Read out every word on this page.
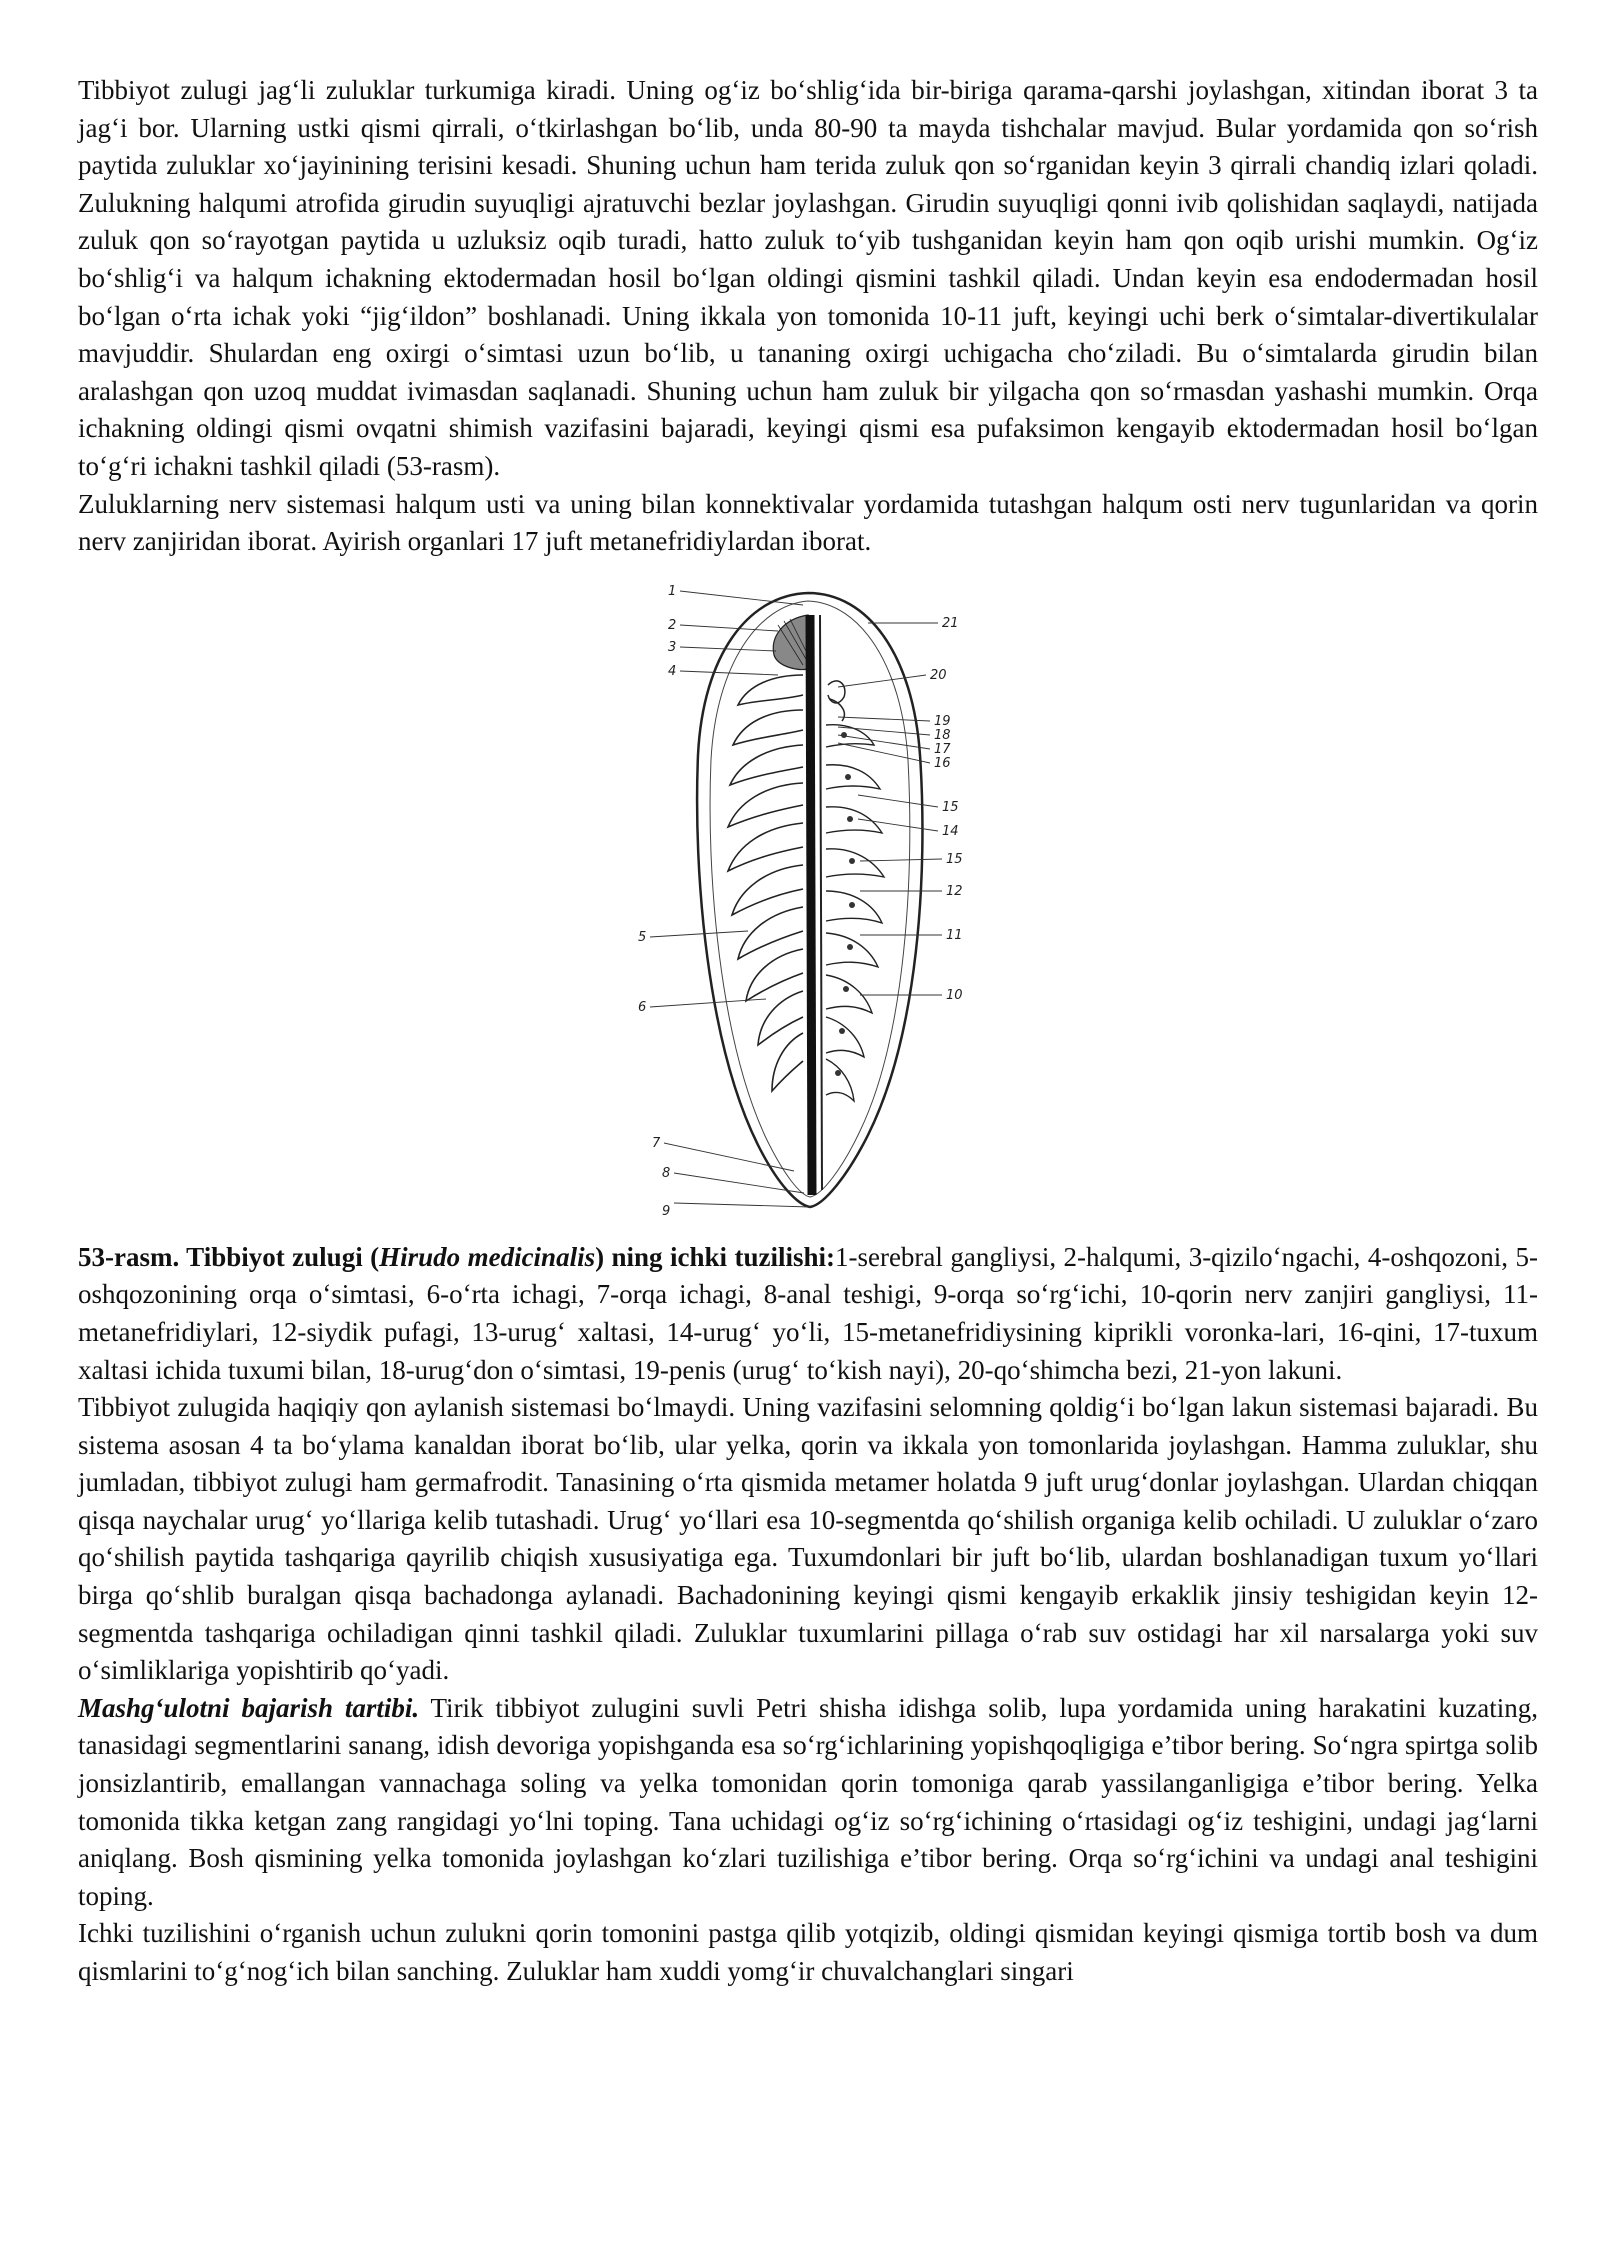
Tibbiyot zulugi jag‘li zuluklar turkumiga kiradi. Uning og‘iz bo‘shlig‘ida bir-biriga qarama-qarshi joylashgan, xitindan iborat 3 ta jag‘i bor. Ularning ustki qismi qirrali, o‘tkirlashgan bo‘lib, unda 80-90 ta mayda tishchalar mavjud. Bular yordamida qon so‘rish paytida zuluklar xo‘jayinining terisini kesadi. Shuning uchun ham terida zuluk qon so‘rganidan keyin 3 qirrali chandiq izlari qoladi. Zulukning halqumi atrofida girudin suyuqligi ajratuvchi bezlar joylashgan. Girudin suyuqligi qonni ivib qolishidan saqlaydi, natijada zuluk qon so‘rayotgan paytida u uzluksiz oqib turadi, hatto zuluk to‘yib tushganidan keyin ham qon oqib urishi mumkin. Og‘iz bo‘shlig‘i va halqum ichakning ektodermadan hosil bo‘lgan oldingi qismini tashkil qiladi. Undan keyin esa endodermadan hosil bo‘lgan o‘rta ichak yoki “jig‘ildon” boshlanadi. Uning ikkala yon tomonida 10-11 juft, keyingi uchi berk o‘simtalar-divertikulalar mavjuddir. Shulardan eng oxirgi o‘simtasi uzun bo‘lib, u tananing oxirgi uchigacha cho‘ziladi. Bu o‘simtalarda girudin bilan aralashgan qon uzoq muddat ivimasdan saqlanadi. Shuning uchun ham zuluk bir yilgacha qon so‘rmasdan yashashi mumkin. Orqa ichakning oldingi qismi ovqatni shimish vazifasini bajaradi, keyingi qismi esa pufaksimon kengayib ektodermadan hosil bo‘lgan to‘g‘ri ichakni tashkil qiladi (53-rasm).

Zuluklarning nerv sistemasi halqum usti va uning bilan konnektivalar yordamida tutashgan halqum osti nerv tugunlaridan va qorin nerv zanjiridan iborat. Ayirish organlari 17 juft metanefridiylardan iborat.

1
2
3
4
5
6
7
8
9
21
20
19
18
17
16
15
14
15
12
11
10

53-rasm. Tibbiyot zulugi (Hirudo medicinalis) ning ichki tuzilishi:1-serebral gangliysi, 2-halqumi, 3-qizilo‘ngachi, 4-oshqozoni, 5-oshqozonining orqa o‘simtasi, 6-o‘rta ichagi, 7-orqa ichagi, 8-anal teshigi, 9-orqa so‘rg‘ichi, 10-qorin nerv zanjiri gangliysi, 11-metanefridiylari, 12-siydik pufagi, 13-urug‘ xaltasi, 14-urug‘ yo‘li, 15-metanefridiysining kiprikli voronka-lari, 16-qini, 17-tuxum xaltasi ichida tuxumi bilan, 18-urug‘don o‘simtasi, 19-penis (urug‘ to‘kish nayi), 20-qo‘shimcha bezi, 21-yon lakuni.

Tibbiyot zulugida haqiqiy qon aylanish sistemasi bo‘lmaydi. Uning vazifasini selomning qoldig‘i bo‘lgan lakun sistemasi bajaradi. Bu sistema asosan 4 ta bo‘ylama kanaldan iborat bo‘lib, ular yelka, qorin va ikkala yon tomonlarida joylashgan. Hamma zuluklar, shu jumladan, tibbiyot zulugi ham germafrodit. Tanasining o‘rta qismida metamer holatda 9 juft urug‘donlar joylashgan. Ulardan chiqqan qisqa naychalar urug‘ yo‘llariga kelib tutashadi. Urug‘ yo‘llari esa 10-segmentda qo‘shilish organiga kelib ochiladi. U zuluklar o‘zaro qo‘shilish paytida tashqariga qayrilib chiqish xususiyatiga ega. Tuxumdonlari bir juft bo‘lib, ulardan boshlanadigan tuxum yo‘llari birga qo‘shlib buralgan qisqa bachadonga aylanadi. Bachadonining keyingi qismi kengayib erkaklik jinsiy teshigidan keyin 12-segmentda tashqariga ochiladigan qinni tashkil qiladi. Zuluklar tuxumlarini pillaga o‘rab suv ostidagi har xil narsalarga yoki suv o‘simliklariga yopishtirib qo‘yadi.

Mashg‘ulotni bajarish tartibi. Tirik tibbiyot zulugini suvli Petri shisha idishga solib, lupa yordamida uning harakatini kuzating, tanasidagi segmentlarini sanang, idish devoriga yopishganda esa so‘rg‘ichlarining yopishqoqligiga e’tibor bering. So‘ngra spirtga solib jonsizlantirib, emallangan vannachaga soling va yelka tomonidan qorin tomoniga qarab yassilanganligiga e’tibor bering. Yelka tomonida tikka ketgan zang rangidagi yo‘lni toping. Tana uchidagi og‘iz so‘rg‘ichining o‘rtasidagi og‘iz teshigini, undagi jag‘larni aniqlang. Bosh qismining yelka tomonida joylashgan ko‘zlari tuzilishiga e’tibor bering. Orqa so‘rg‘ichini va undagi anal teshigini toping.

Ichki tuzilishini o‘rganish uchun zulukni qorin tomonini pastga qilib yotqizib, oldingi qismidan keyingi qismiga tortib bosh va dum qismlarini to‘g‘nog‘ich bilan sanching. Zuluklar ham xuddi yomg‘ir chuvalchanglari singari
